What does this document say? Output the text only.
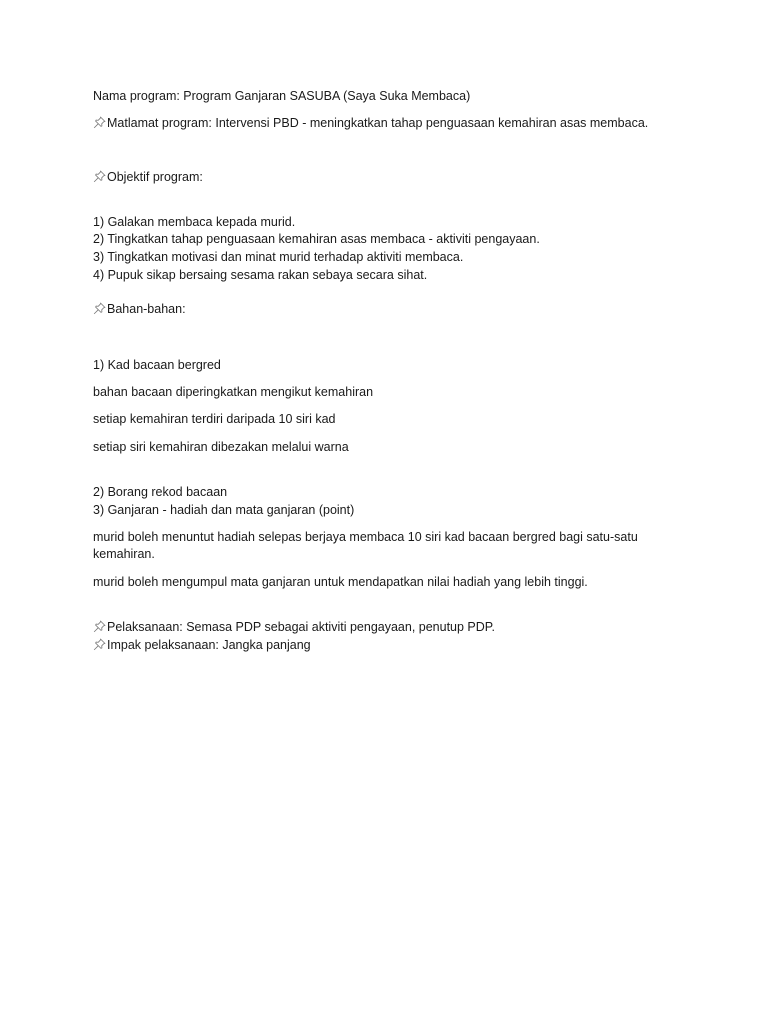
Nama program: Program Ganjaran SASUBA (Saya Suka Membaca)
Matlamat program: Intervensi PBD - meningkatkan tahap penguasaan kemahiran asas membaca.
Objektif program:
1) Galakan membaca kepada murid.
2) Tingkatkan tahap penguasaan kemahiran asas membaca - aktiviti pengayaan.
3) Tingkatkan motivasi dan minat murid terhadap aktiviti membaca.
4) Pupuk sikap bersaing sesama rakan sebaya secara sihat.
Bahan-bahan:
1) Kad bacaan bergred
bahan bacaan diperingkatkan mengikut kemahiran
setiap kemahiran terdiri daripada 10 siri kad
setiap siri kemahiran dibezakan melalui warna
2) Borang rekod bacaan
3) Ganjaran - hadiah dan mata ganjaran (point)
murid boleh menuntut hadiah selepas berjaya membaca 10 siri kad bacaan bergred bagi satu-satu kemahiran.
murid boleh mengumpul mata ganjaran untuk mendapatkan nilai hadiah yang lebih tinggi.
Pelaksanaan: Semasa PDP sebagai aktiviti pengayaan, penutup PDP.
Impak pelaksanaan: Jangka panjang
